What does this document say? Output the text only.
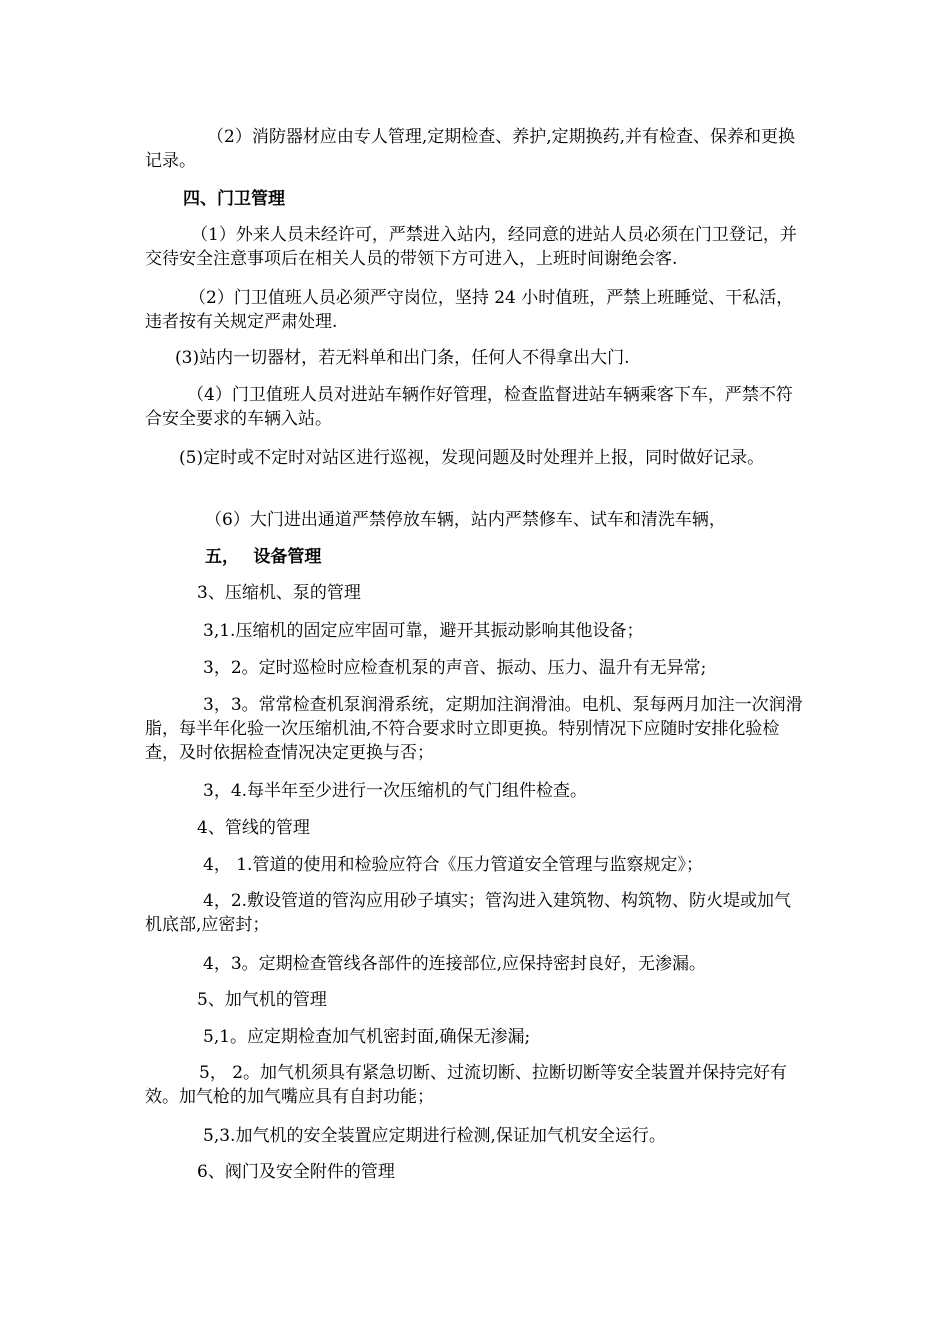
（2）消防器材应由专人管理,定期检查、养护,定期换药,并有检查、保养和更换记录。

四、门卫管理

（1）外来人员未经许可，严禁进入站内，经同意的进站人员必须在门卫登记，并交待安全注意事项后在相关人员的带领下方可进入，上班时间谢绝会客.

（2）门卫值班人员必须严守岗位，坚持 24 小时值班，严禁上班睡觉、干私活，违者按有关规定严肃处理.

(3)站内一切器材，若无料单和出门条，任何人不得拿出大门.

（4）门卫值班人员对进站车辆作好管理，检查监督进站车辆乘客下车，严禁不符合安全要求的车辆入站。

(5)定时或不定时对站区进行巡视，发现问题及时处理并上报，同时做好记录。

（6）大门进出通道严禁停放车辆，站内严禁修车、试车和清洗车辆，

五，　 设备管理

3、压缩机、泵的管理

3,1.压缩机的固定应牢固可靠，避开其振动影响其他设备；

3，2。定时巡检时应检查机泵的声音、振动、压力、温升有无异常;

3，3。常常检查机泵润滑系统，定期加注润滑油。电机、泵每两月加注一次润滑脂，每半年化验一次压缩机油,不符合要求时立即更换。特别情况下应随时安排化验检查，及时依据检查情况决定更换与否；

3，4.每半年至少进行一次压缩机的气门组件检查。

4、管线的管理

4， 1.管道的使用和检验应符合《压力管道安全管理与监察规定》；

4，2.敷设管道的管沟应用砂子填实；管沟进入建筑物、构筑物、防火堤或加气机底部,应密封；

4，3。定期检查管线各部件的连接部位,应保持密封良好，无渗漏。

5、加气机的管理

5,1。应定期检查加气机密封面,确保无渗漏;

5， 2。加气机须具有紧急切断、过流切断、拉断切断等安全装置并保持完好有效。加气枪的加气嘴应具有自封功能；

5,3.加气机的安全装置应定期进行检测,保证加气机安全运行。

6、阀门及安全附件的管理
